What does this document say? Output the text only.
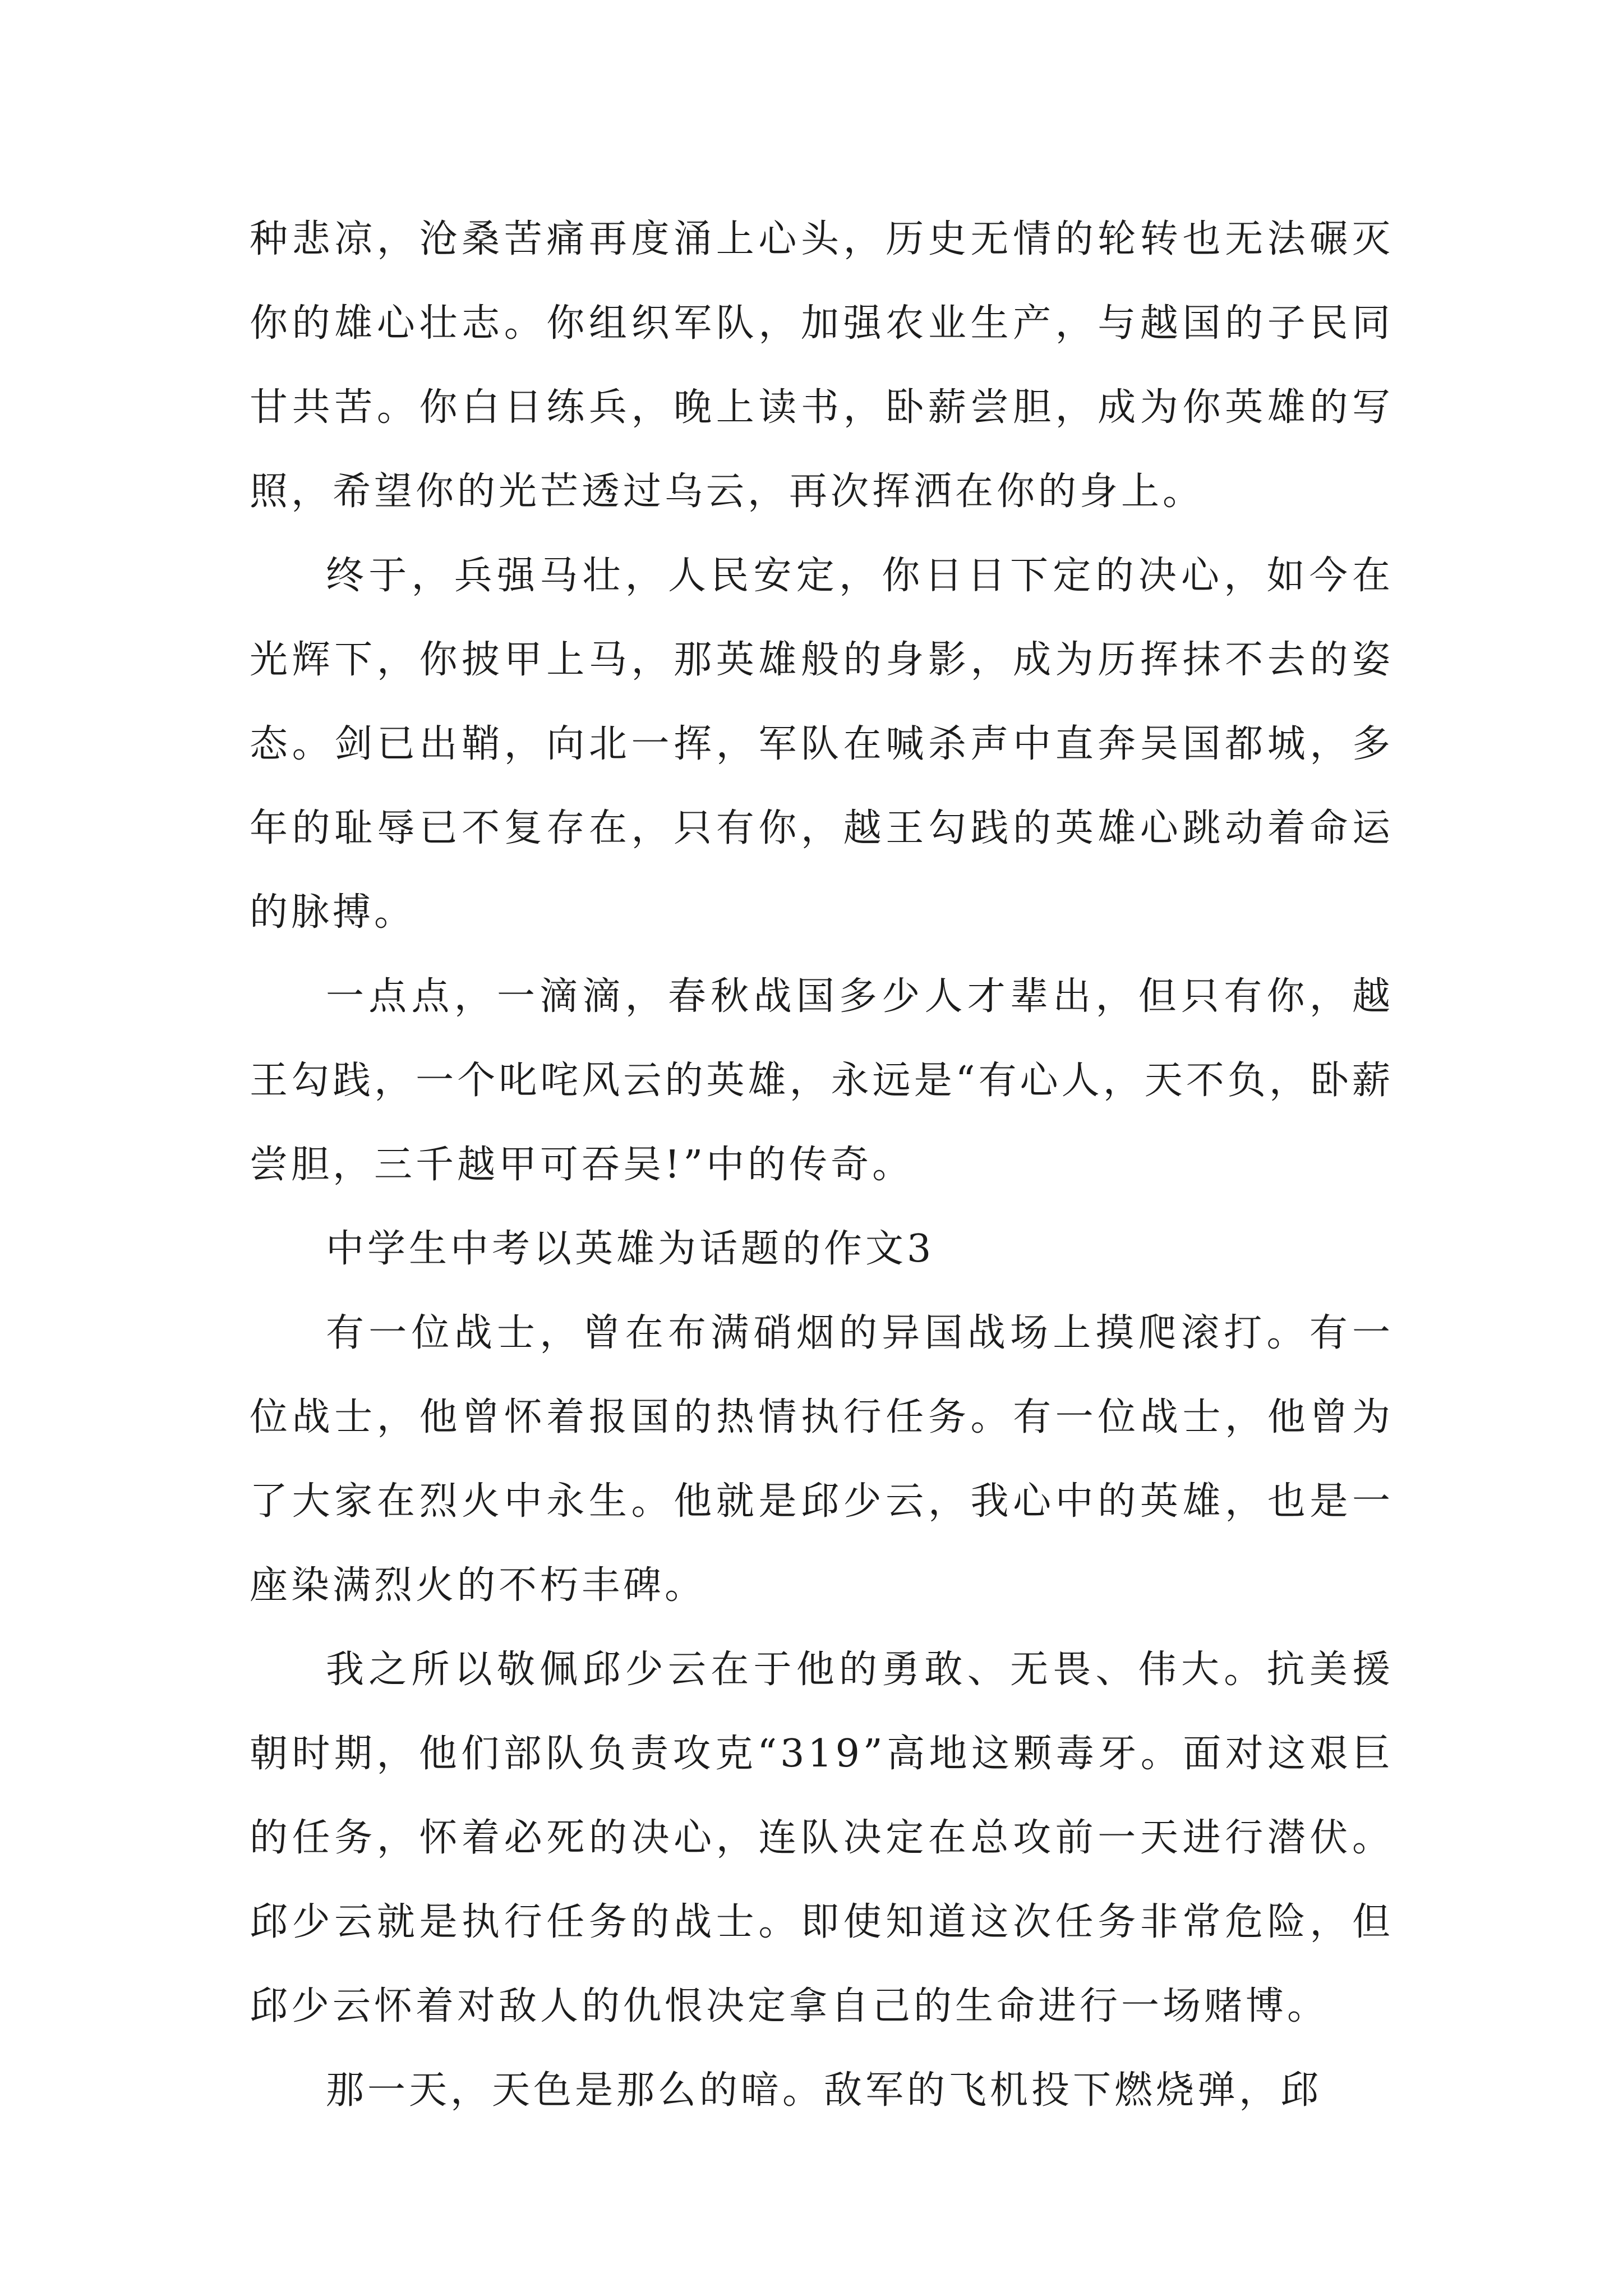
种悲凉，沧桑苦痛再度涌上心头，历史无情的轮转也无法碾灭你的雄心壮志。你组织军队，加强农业生产，与越国的子民同甘共苦。你白日练兵，晚上读书，卧薪尝胆，成为你英雄的写照，希望你的光芒透过乌云，再次挥洒在你的身上。

终于，兵强马壮，人民安定，你日日下定的决心，如今在光辉下，你披甲上马，那英雄般的身影，成为历挥抹不去的姿态。剑已出鞘，向北一挥，军队在喊杀声中直奔吴国都城，多年的耻辱已不复存在，只有你，越王勾践的英雄心跳动着命运的脉搏。

一点点，一滴滴，春秋战国多少人才辈出，但只有你，越王勾践，一个叱咤风云的英雄，永远是“有心人，天不负，卧薪尝胆，三千越甲可吞吴!”中的传奇。

中学生中考以英雄为话题的作文3

有一位战士，曾在布满硝烟的异国战场上摸爬滚打。有一位战士，他曾怀着报国的热情执行任务。有一位战士，他曾为了大家在烈火中永生。他就是邱少云，我心中的英雄，也是一座染满烈火的不朽丰碑。

我之所以敬佩邱少云在于他的勇敢、无畏、伟大。抗美援朝时期，他们部队负责攻克“319”高地这颗毒牙。面对这艰巨的任务，怀着必死的决心，连队决定在总攻前一天进行潜伏。邱少云就是执行任务的战士。即使知道这次任务非常危险，但邱少云怀着对敌人的仇恨决定拿自己的生命进行一场赌博。

那一天，天色是那么的暗。敌军的飞机投下燃烧弹，邱
